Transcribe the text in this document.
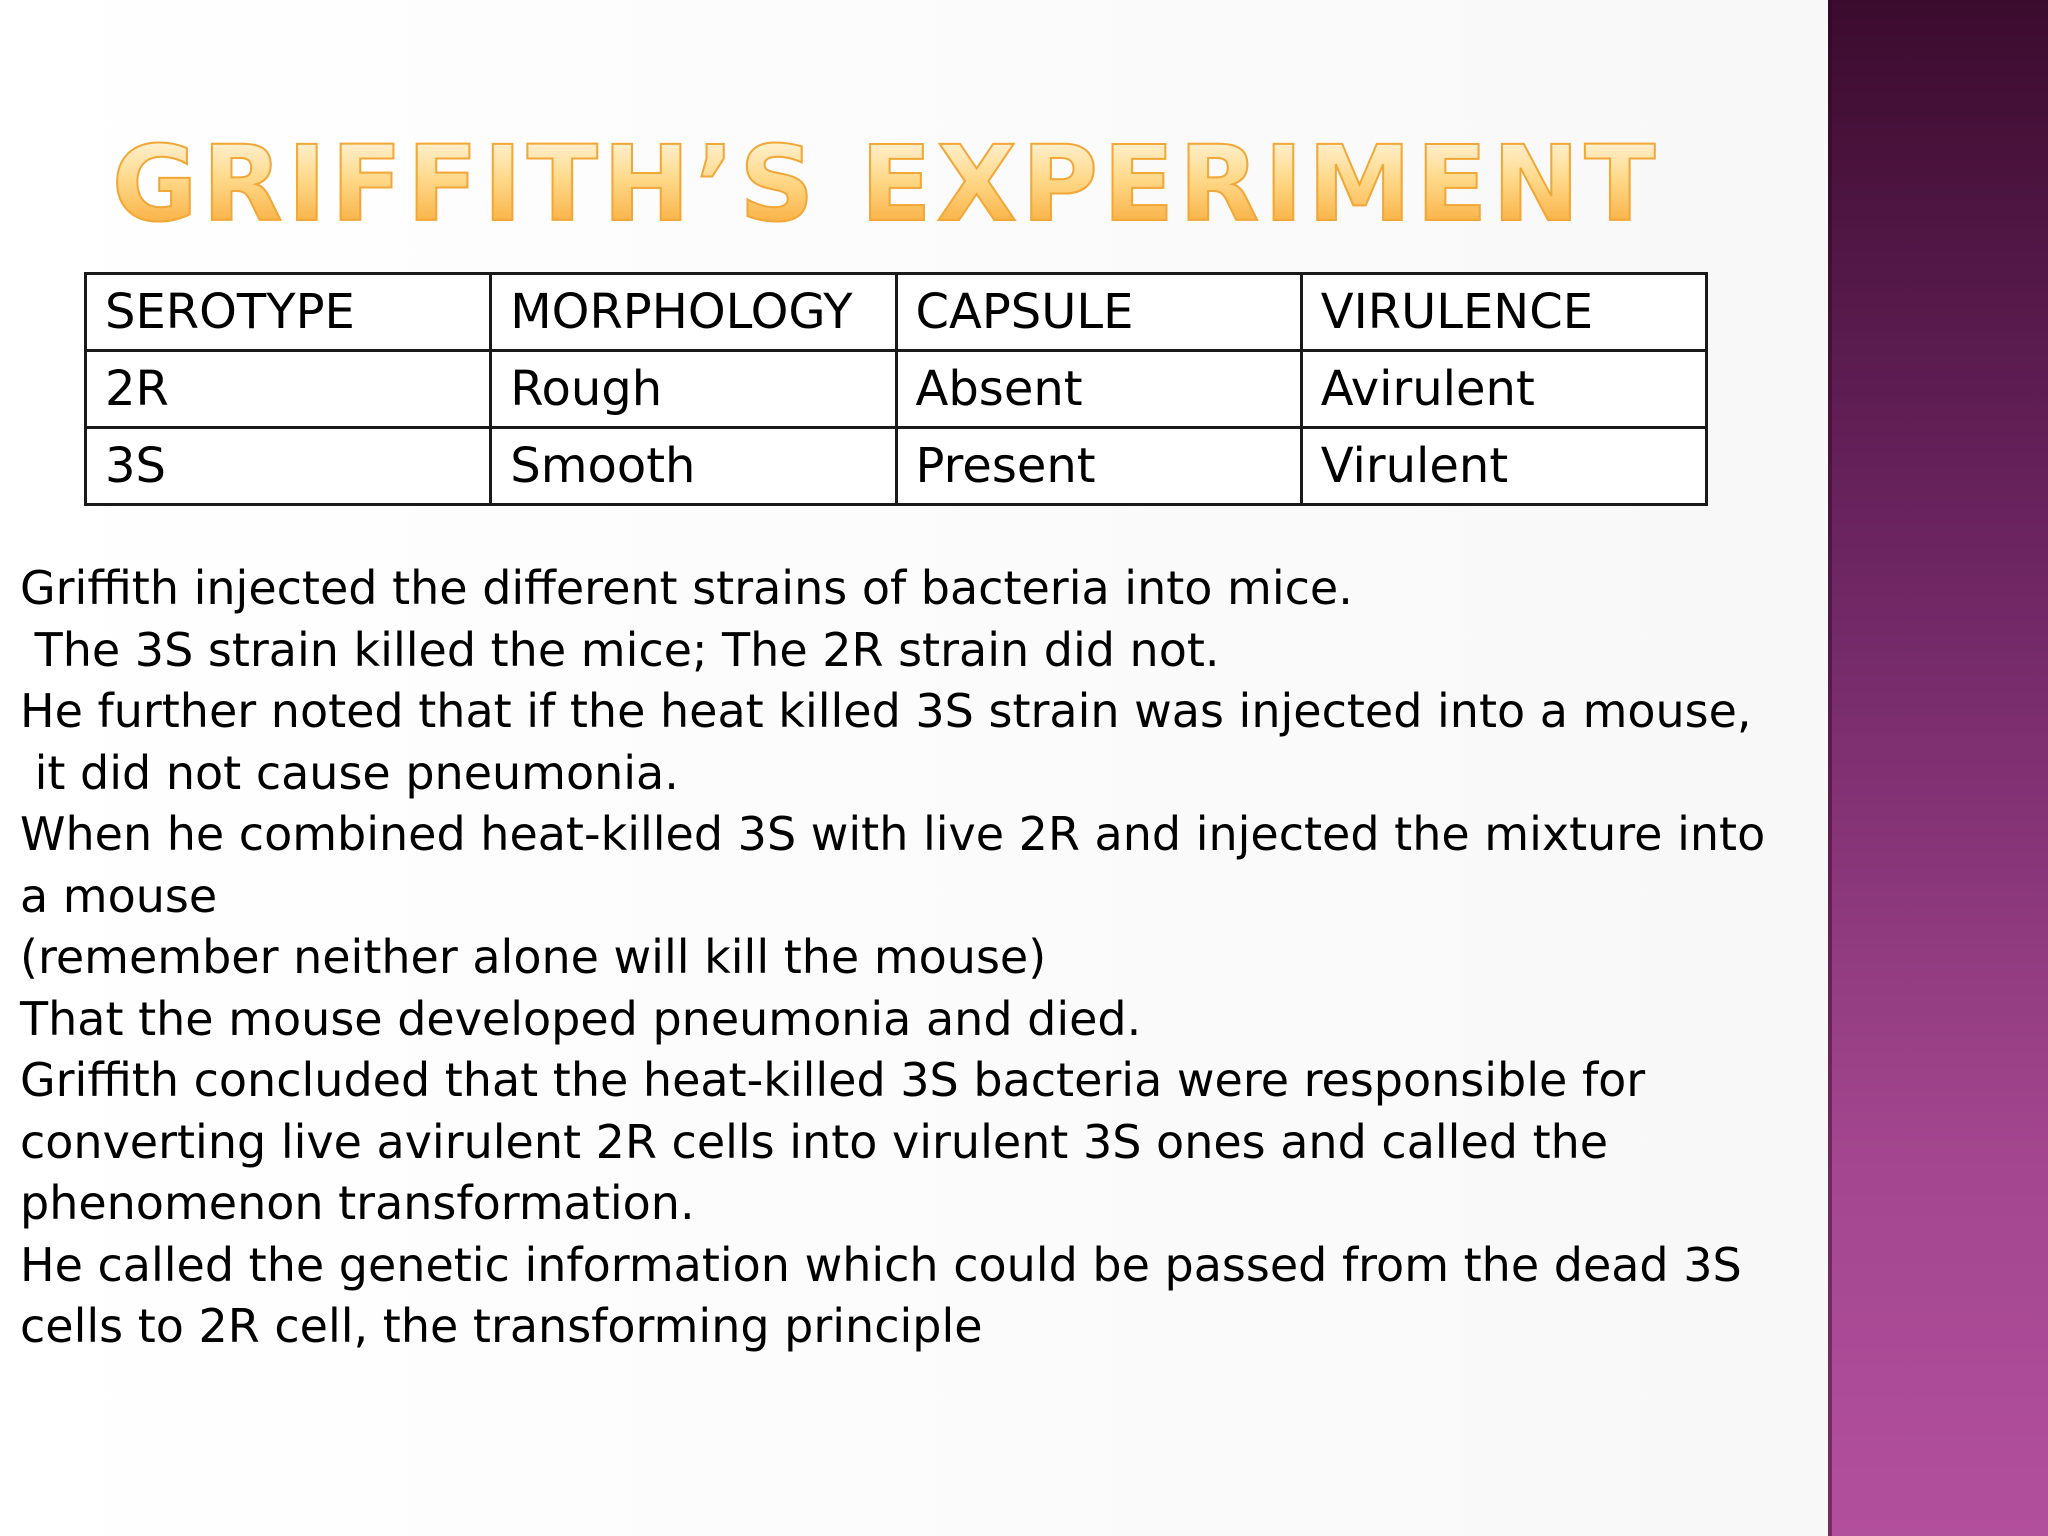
GRIFFITH’S EXPERIMENT
SEROTYPE	MORPHOLOGY	CAPSULE	VIRULENCE
2R	Rough	Absent	Avirulent
3S	Smooth	Present	Virulent
Griffith injected the different strains of bacteria into mice.
The 3S strain killed the mice; The 2R strain did not.
He further noted that if the heat killed 3S strain was injected into a mouse,
it did not cause pneumonia.
When he combined heat-killed 3S with live 2R and injected the mixture into
a mouse
(remember neither alone will kill the mouse)
That the mouse developed pneumonia and died.
Griffith concluded that the heat-killed 3S bacteria were responsible for
converting live avirulent 2R cells into virulent 3S ones and called the
phenomenon transformation.
He called the genetic information which could be passed from the dead 3S
cells to 2R cell, the transforming principle
